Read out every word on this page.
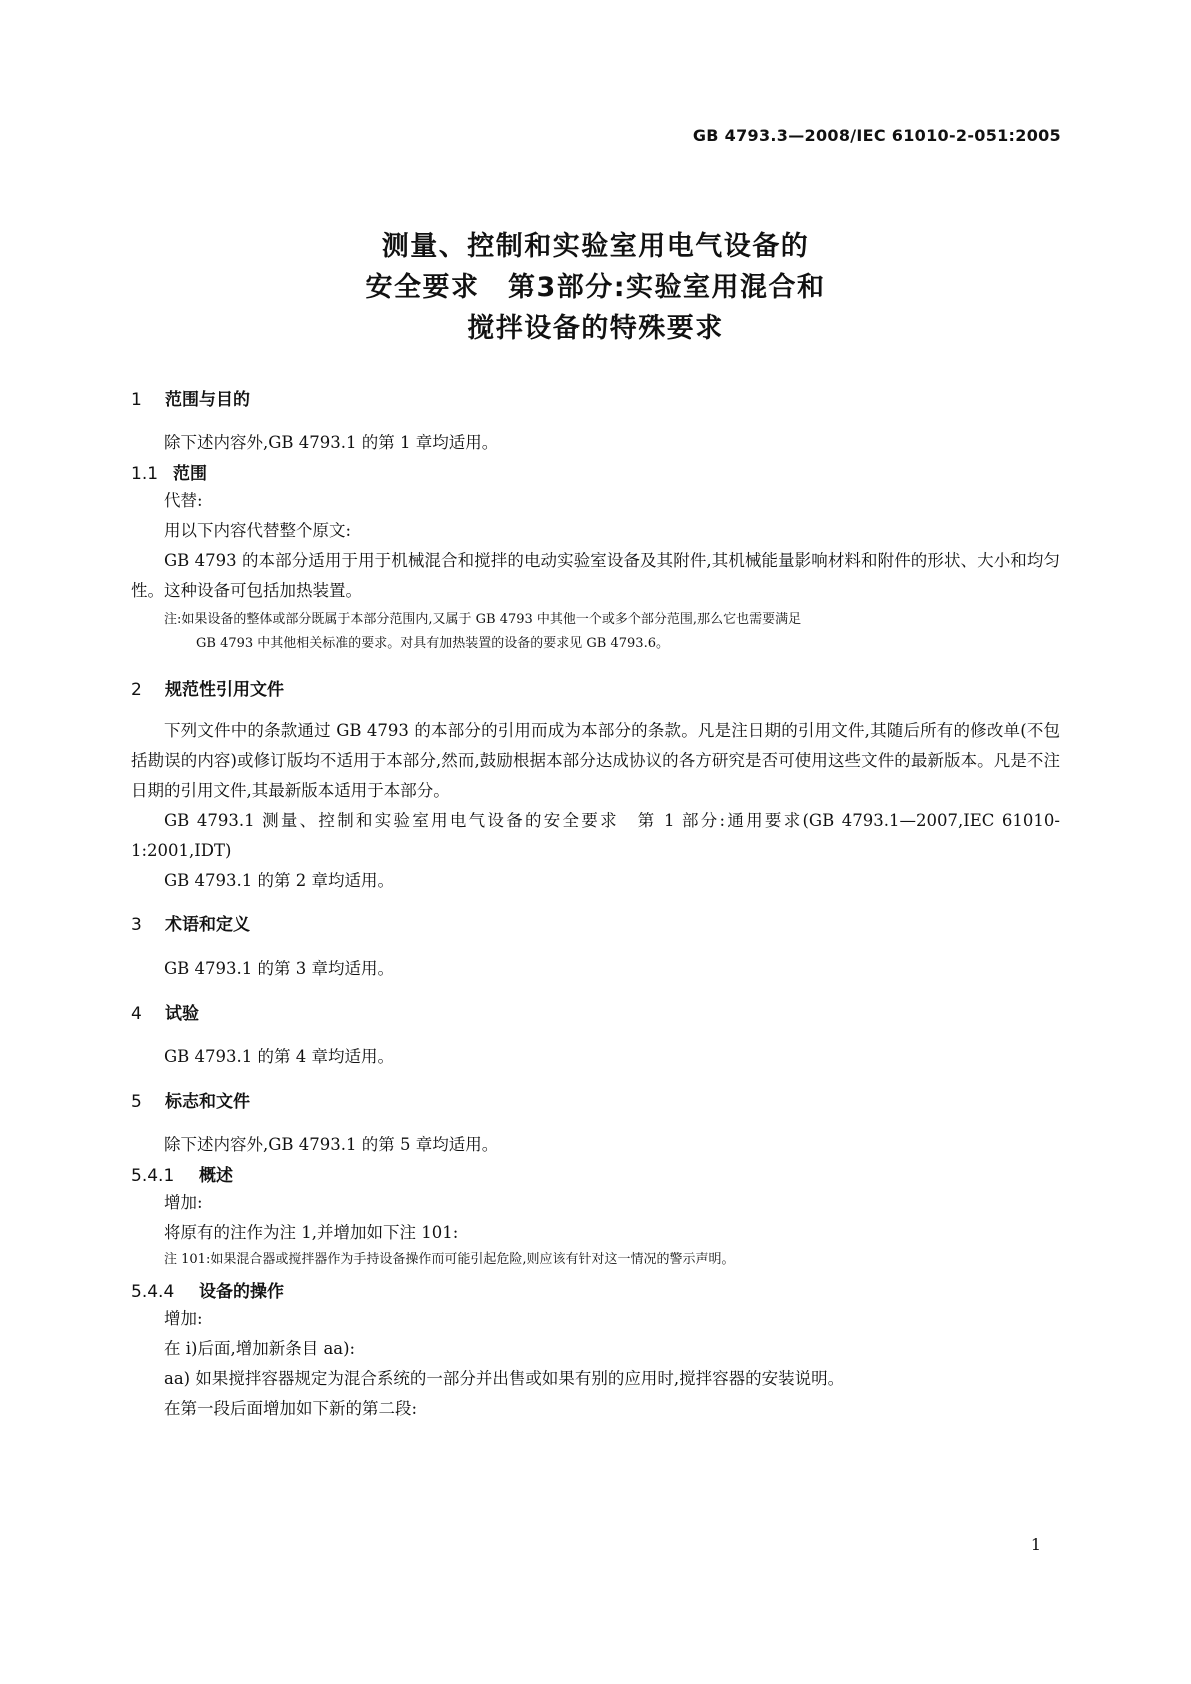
GB 4793.3—2008/IEC 61010-2-051:2005
测量、控制和实验室用电气设备的
安全要求　第3部分:实验室用混合和
搅拌设备的特殊要求
1 范围与目的
除下述内容外,GB 4793.1 的第 1 章均适用。
1.1 范围
代替:
用以下内容代替整个原文:
GB 4793 的本部分适用于用于机械混合和搅拌的电动实验室设备及其附件,其机械能量影响材料和附件的形状、大小和均匀性。这种设备可包括加热装置。
注:如果设备的整体或部分既属于本部分范围内,又属于 GB 4793 中其他一个或多个部分范围,那么它也需要满足
GB 4793 中其他相关标准的要求。对具有加热装置的设备的要求见 GB 4793.6。
2 规范性引用文件
下列文件中的条款通过 GB 4793 的本部分的引用而成为本部分的条款。凡是注日期的引用文件,其随后所有的修改单(不包括勘误的内容)或修订版均不适用于本部分,然而,鼓励根据本部分达成协议的各方研究是否可使用这些文件的最新版本。凡是不注日期的引用文件,其最新版本适用于本部分。
GB 4793.1 测量、控制和实验室用电气设备的安全要求　第 1 部分:通用要求(GB 4793.1—2007,IEC 61010-1:2001,IDT)
GB 4793.1 的第 2 章均适用。
3 术语和定义
GB 4793.1 的第 3 章均适用。
4 试验
GB 4793.1 的第 4 章均适用。
5 标志和文件
除下述内容外,GB 4793.1 的第 5 章均适用。
5.4.1 概述
增加:
将原有的注作为注 1,并增加如下注 101:
注 101:如果混合器或搅拌器作为手持设备操作而可能引起危险,则应该有针对这一情况的警示声明。
5.4.4 设备的操作
增加:
在 i)后面,增加新条目 aa):
aa) 如果搅拌容器规定为混合系统的一部分并出售或如果有别的应用时,搅拌容器的安装说明。
在第一段后面增加如下新的第二段:
1
